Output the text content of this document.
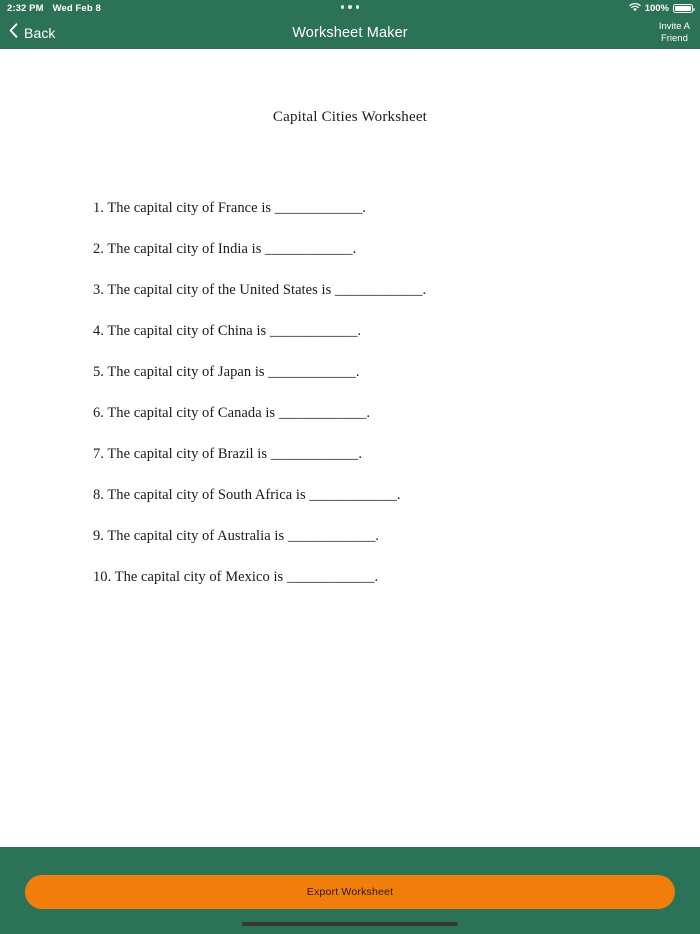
2:32 PM Wed Feb 8	100%
Back	Worksheet Maker	Invite A
Friend
Capital Cities Worksheet
1. The capital city of France is ____________.
2. The capital city of India is ____________.
3. The capital city of the United States is ____________.
4. The capital city of China is ____________.
5. The capital city of Japan is ____________.
6. The capital city of Canada is ____________.
7. The capital city of Brazil is ____________.
8. The capital city of South Africa is ____________.
9. The capital city of Australia is ____________.
10. The capital city of Mexico is ____________.
Export Worksheet
